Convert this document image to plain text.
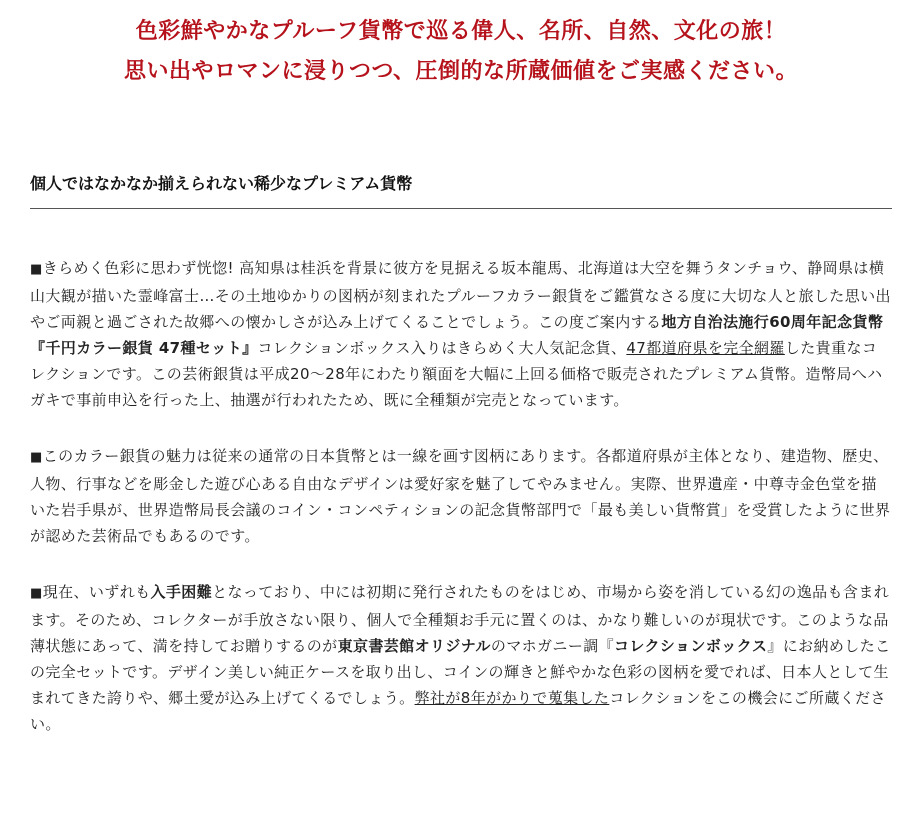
色彩鮮やかなプルーフ貨幣で巡る偉人、名所、自然、文化の旅！
思い出やロマンに浸りつつ、圧倒的な所蔵価値をご実感ください。
個人ではなかなか揃えられない稀少なプレミアム貨幣

■きらめく色彩に思わず恍惚! 高知県は桂浜を背景に彼方を見据える坂本龍馬、北海道は大空を舞うタンチョウ、静岡県は横山大観が描いた霊峰富士…その土地ゆかりの図柄が刻まれたプルーフカラー銀貨をご鑑賞なさる度に大切な人と旅した思い出やご両親と過ごされた故郷への懐かしさが込み上げてくることでしょう。この度ご案内する地方自治法施行60周年記念貨幣『千円カラー銀貨 47種セット』コレクションボックス入りはきらめく大人気記念貨、47都道府県を完全網羅した貴重なコレクションです。この芸術銀貨は平成20～28年にわたり額面を大幅に上回る価格で販売されたプレミアム貨幣。造幣局へハガキで事前申込を行った上、抽選が行われたため、既に全種類が完売となっています。

■このカラー銀貨の魅力は従来の通常の日本貨幣とは一線を画す図柄にあります。各都道府県が主体となり、建造物、歴史、人物、行事などを彫金した遊び心ある自由なデザインは愛好家を魅了してやみません。実際、世界遺産・中尊寺金色堂を描いた岩手県が、世界造幣局長会議のコイン・コンペティションの記念貨幣部門で「最も美しい貨幣賞」を受賞したように世界が認めた芸術品でもあるのです。

■現在、いずれも入手困難となっており、中には初期に発行されたものをはじめ、市場から姿を消している幻の逸品も含まれます。そのため、コレクターが手放さない限り、個人で全種類お手元に置くのは、かなり難しいのが現状です。このような品薄状態にあって、満を持してお贈りするのが東京書芸館オリジナルのマホガニー調『コレクションボックス』にお納めしたこの完全セットです。デザイン美しい純正ケースを取り出し、コインの輝きと鮮やかな色彩の図柄を愛でれば、日本人として生まれてきた誇りや、郷土愛が込み上げてくるでしょう。弊社が8年がかりで蒐集したコレクションをこの機会にご所蔵ください。
